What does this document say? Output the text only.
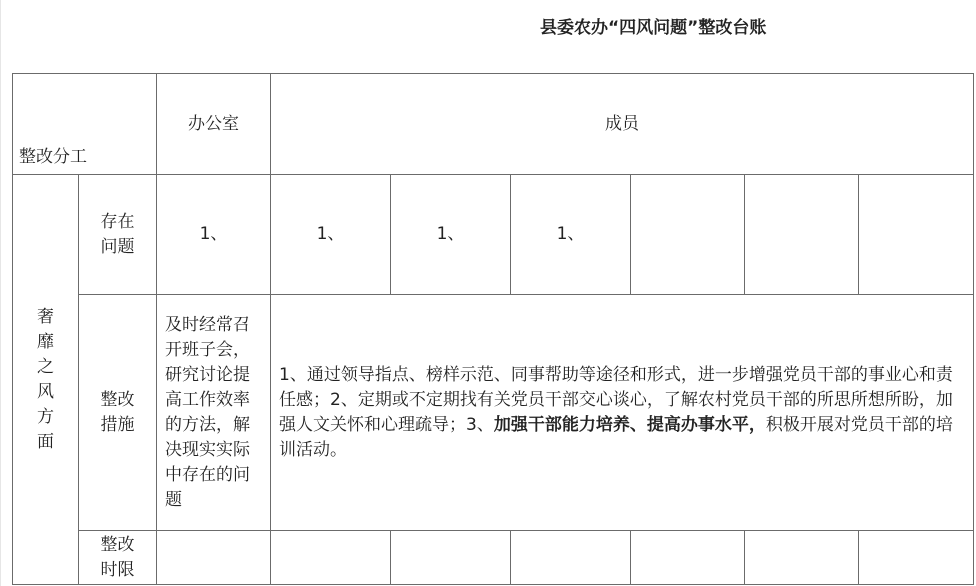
县委农办“四风问题”整改台账
整改分工		办公室	成员					

奢靡之风方面	存在问题	1、	1、	1、	1、			

	整改措施	及时经常召开班子会，研究讨论提高工作效率的方法，解决现实实际中存在的问题	1、通过领导指点、榜样示范、同事帮助等途径和形式，进一步增强党员干部的事业心和责任感；2、定期或不定期找有关党员干部交心谈心，了解农村党员干部的所思所想所盼，加强人文关怀和心理疏导；3、加强干部能力培养、提高办事水平，积极开展对党员干部的培训活动。					

	整改时限							
